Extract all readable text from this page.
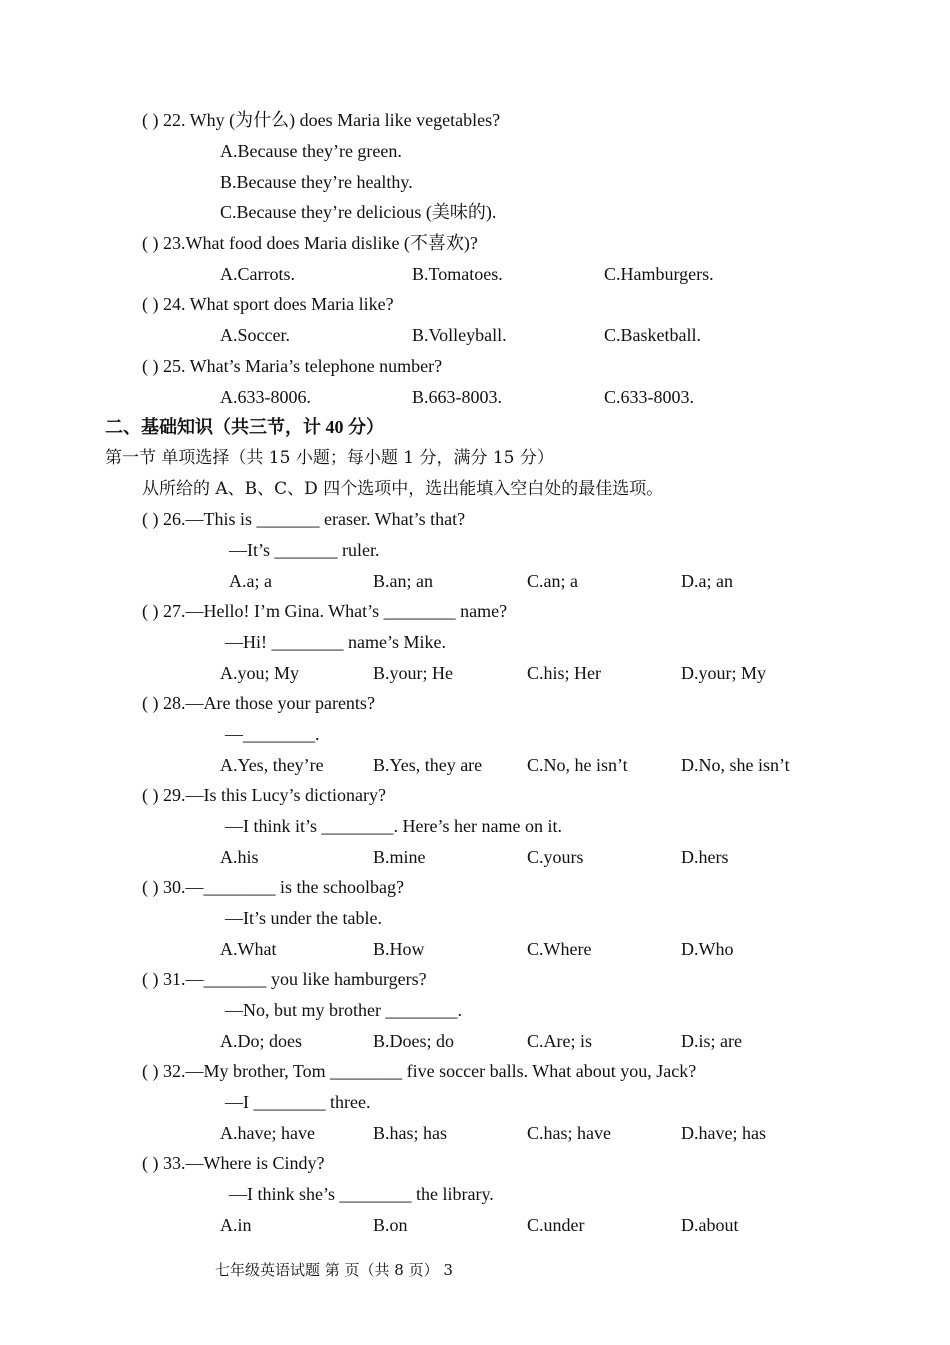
( ) 22. Why (为什么) does Maria like vegetables?
A.Because they’re green.
B.Because they’re healthy.
C.Because they’re delicious (美味的).
( ) 23.What food does Maria dislike (不喜欢)?
A.Carrots.	B.Tomatoes.	C.Hamburgers.
( ) 24. What sport does Maria like?
A.Soccer.	B.Volleyball.	C.Basketball.
( ) 25. What’s Maria’s telephone number?
A.633-8006.	B.663-8003.	C.633-8003.
二、基础知识（共三节，计 40 分）
第一节 单项选择（共 15 小题；每小题 1 分，满分 15 分）
从所给的 A、B、C、D 四个选项中，选出能填入空白处的最佳选项。
( ) 26.—This is _______ eraser. What’s that?
—It’s _______ ruler.
A.a; a	B.an; an	C.an; a	D.a; an
( ) 27.—Hello! I’m Gina. What’s ________ name?
—Hi! ________ name’s Mike.
A.you; My	B.your; He	C.his; Her	D.your; My
( ) 28.—Are those your parents?
—________.
A.Yes, they’re	B.Yes, they are C.No, he isn’t	D.No, she isn’t
( ) 29.—Is this Lucy’s dictionary?
—I think it’s ________. Here’s her name on it.
A.his	B.mine	C.yours	D.hers
( ) 30.—________ is the schoolbag?
—It’s under the table.
A.What	B.How	C.Where	D.Who
( ) 31.—_______ you like hamburgers?
—No, but my brother ________.
A.Do; does	B.Does; do	C.Are; is	D.is; are
( ) 32.—My brother, Tom ________ five soccer balls. What about you, Jack?
—I ________ three.
A.have; have	B.has; has	C.has; have	D.have; has
( ) 33.—Where is Cindy?
—I think she’s ________ the library.
A.in	B.on	C.under	D.about
七年级英语试题 第 页（共 8 页） 3
